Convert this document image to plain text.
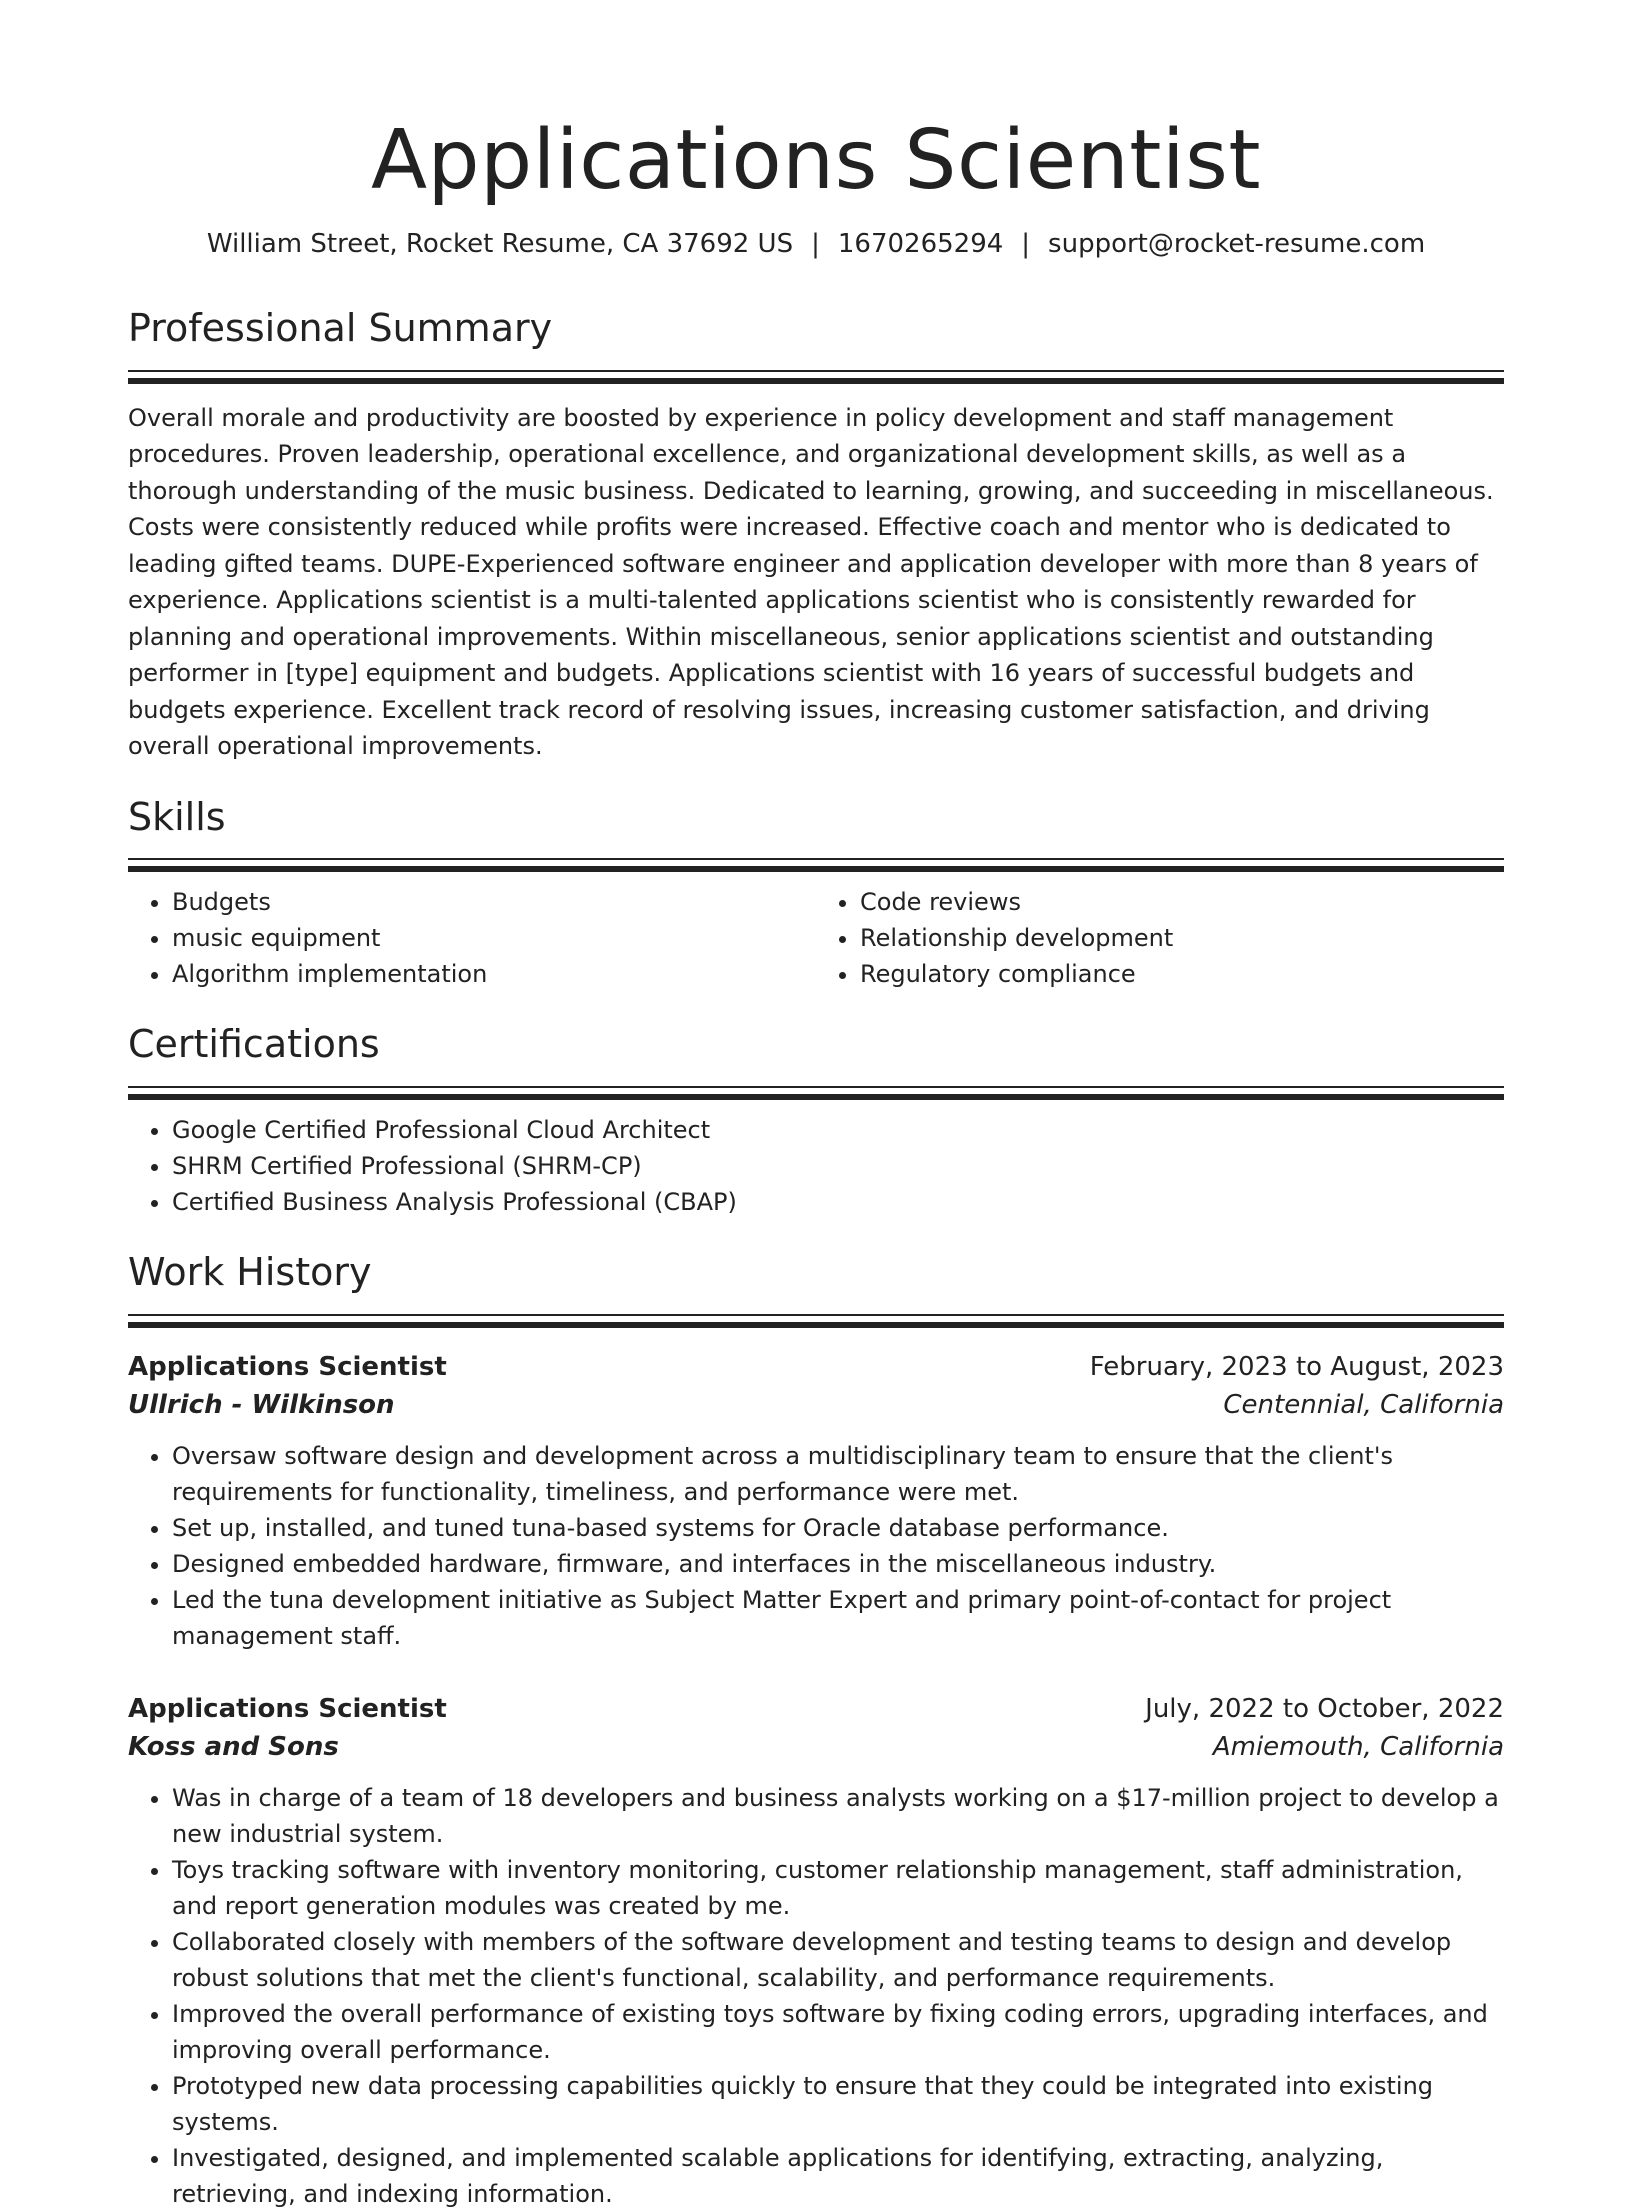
Applications Scientist
William Street, Rocket Resume, CA 37692 US | 1670265294 | support@rocket-resume.com
Professional Summary

Overall morale and productivity are boosted by experience in policy development and staff management procedures. Proven leadership, operational excellence, and organizational development skills, as well as a thorough understanding of the music business. Dedicated to learning, growing, and succeeding in miscellaneous. Costs were consistently reduced while profits were increased. Effective coach and mentor who is dedicated to leading gifted teams. DUPE-Experienced software engineer and application developer with more than 8 years of experience. Applications scientist is a multi-talented applications scientist who is consistently rewarded for planning and operational improvements. Within miscellaneous, senior applications scientist and outstanding performer in [type] equipment and budgets. Applications scientist with 16 years of successful budgets and budgets experience. Excellent track record of resolving issues, increasing customer satisfaction, and driving overall operational improvements.

Skills
• Budgets
• music equipment
• Algorithm implementation
• Code reviews
• Relationship development
• Regulatory compliance
Certifications
• Google Certified Professional Cloud Architect
• SHRM Certified Professional (SHRM-CP)
• Certified Business Analysis Professional (CBAP)
Work History
Applications Scientist	February, 2023 to August, 2023
Ullrich - Wilkinson	Centennial, California
• Oversaw software design and development across a multidisciplinary team to ensure that the client's requirements for functionality, timeliness, and performance were met.
• Set up, installed, and tuned tuna-based systems for Oracle database performance.
• Designed embedded hardware, firmware, and interfaces in the miscellaneous industry.
• Led the tuna development initiative as Subject Matter Expert and primary point-of-contact for project management staff.
Applications Scientist	July, 2022 to October, 2022
Koss and Sons	Amiemouth, California
• Was in charge of a team of 18 developers and business analysts working on a $17-million project to develop a new industrial system.
• Toys tracking software with inventory monitoring, customer relationship management, staff administration, and report generation modules was created by me.
• Collaborated closely with members of the software development and testing teams to design and develop robust solutions that met the client's functional, scalability, and performance requirements.
• Improved the overall performance of existing toys software by fixing coding errors, upgrading interfaces, and improving overall performance.
• Prototyped new data processing capabilities quickly to ensure that they could be integrated into existing systems.
• Investigated, designed, and implemented scalable applications for identifying, extracting, analyzing, retrieving, and indexing information.
